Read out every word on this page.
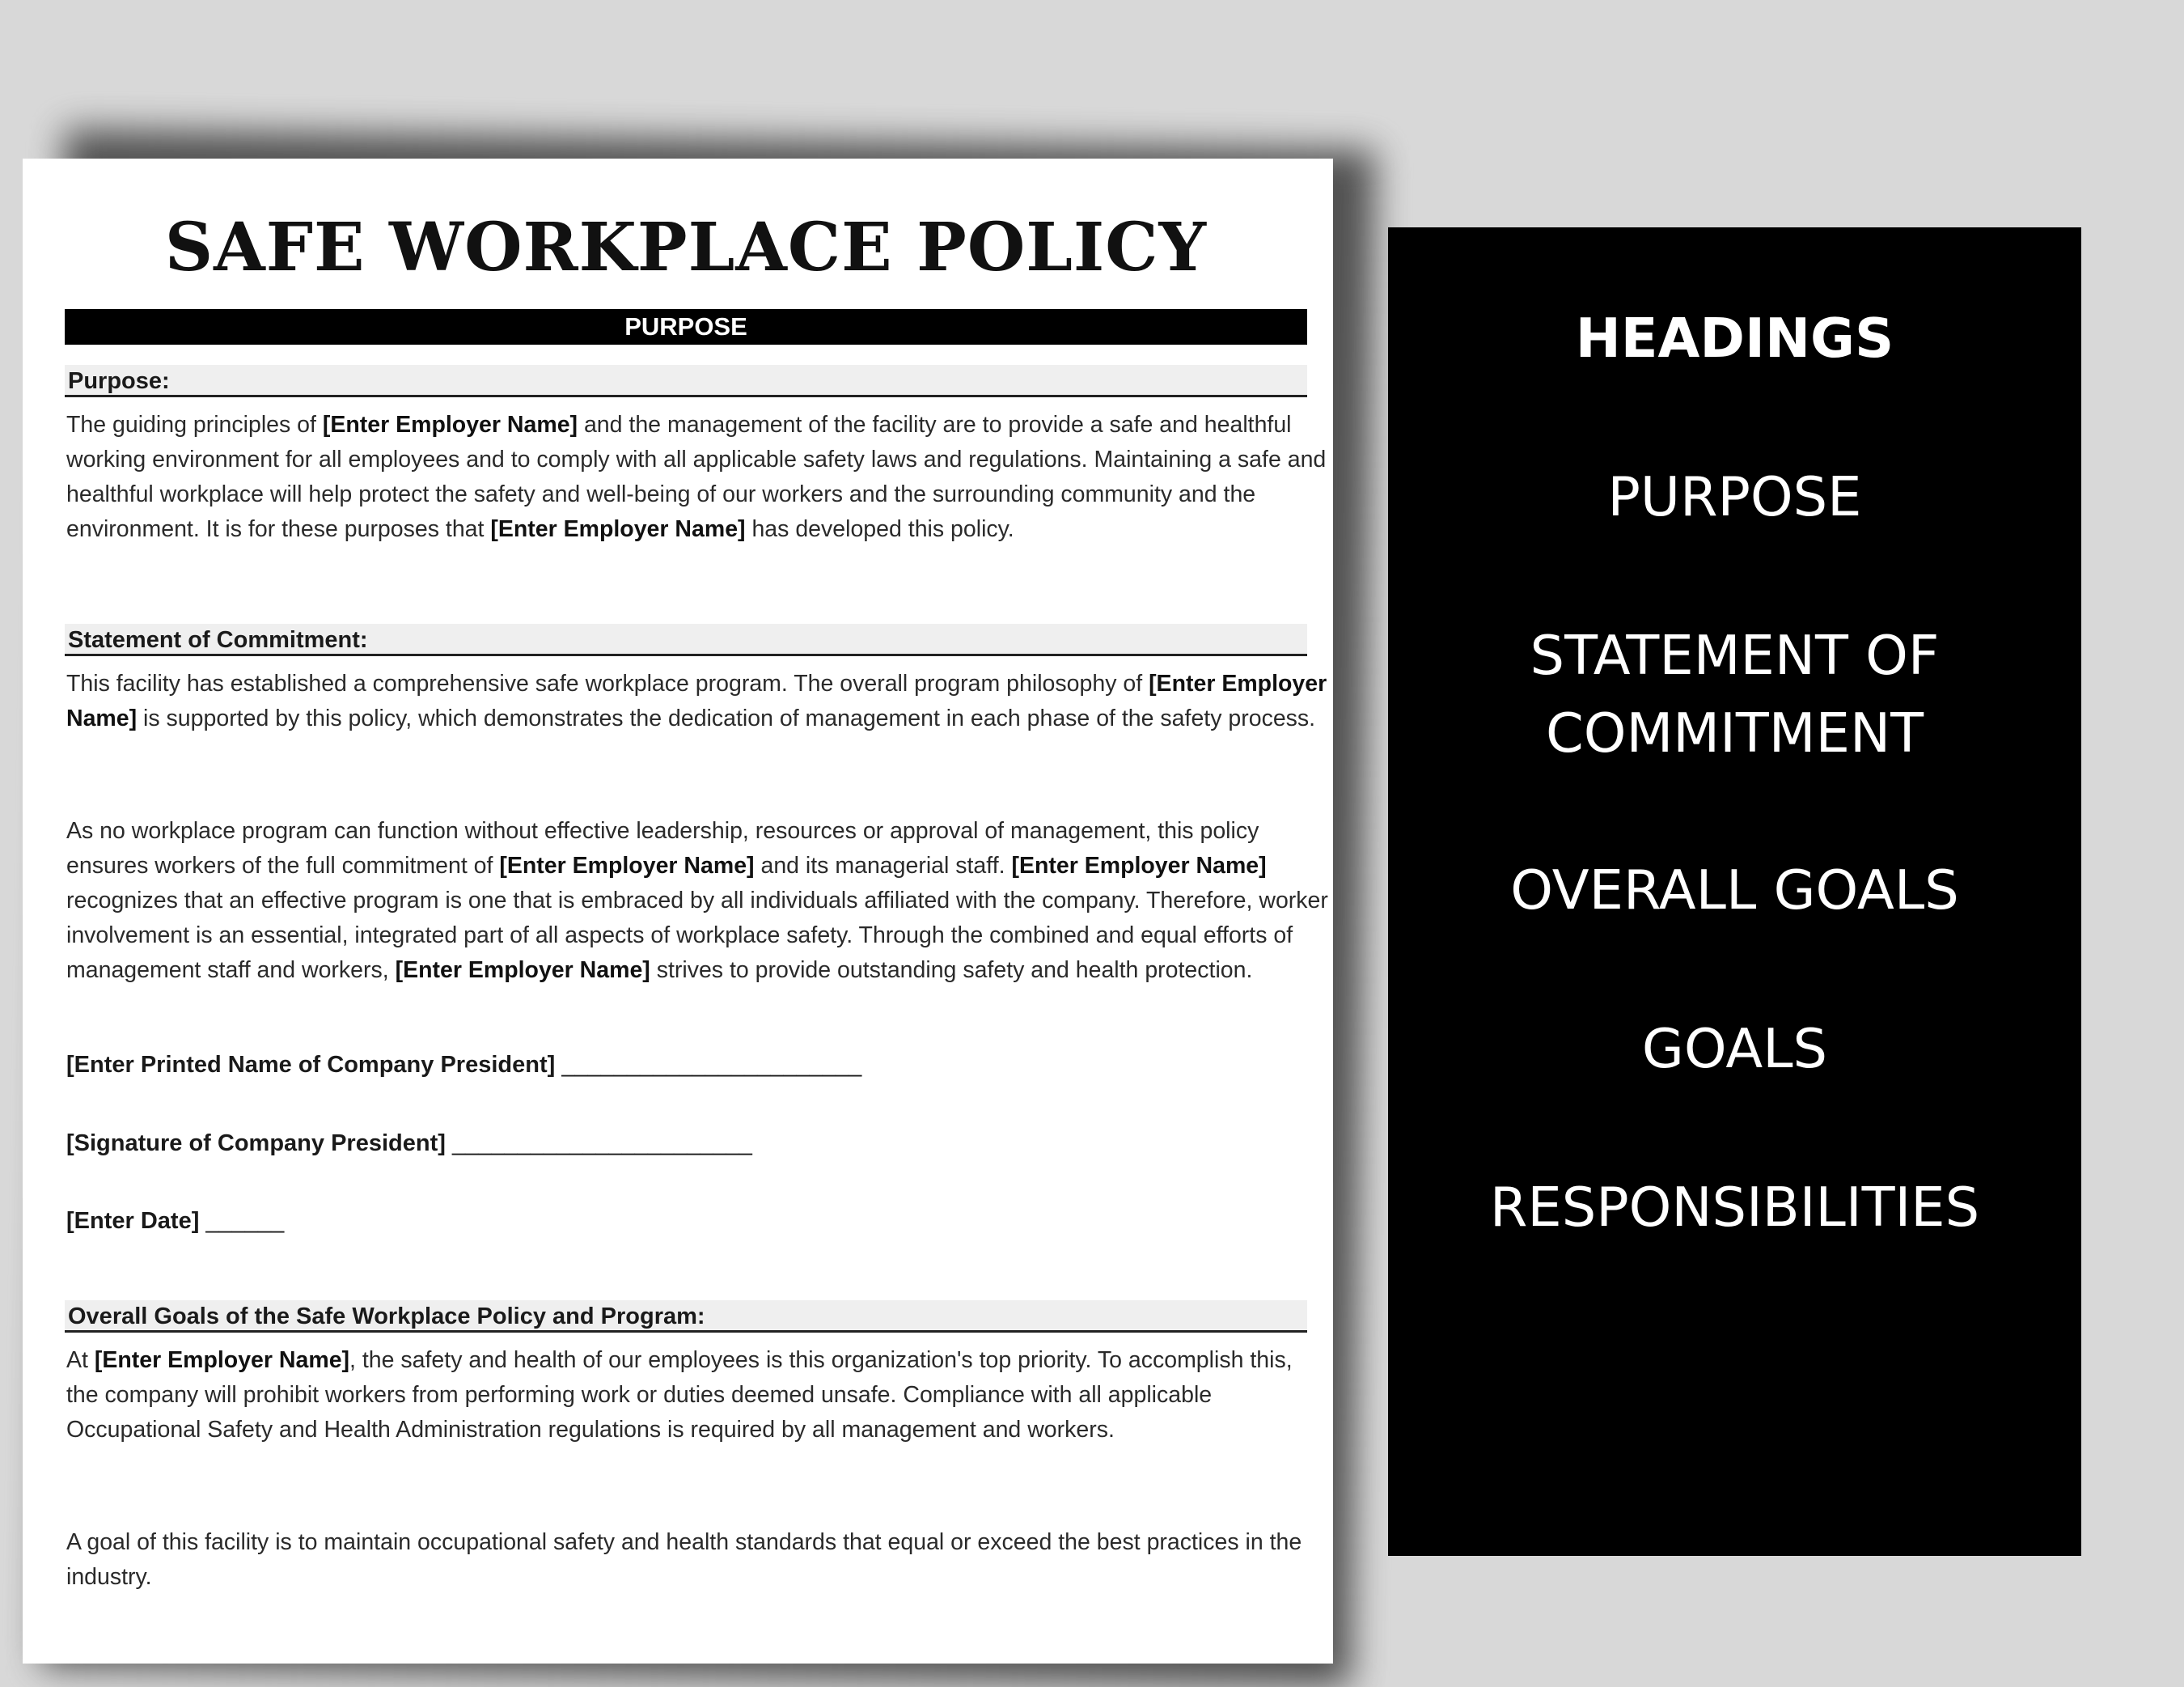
SAFE WORKPLACE POLICY
PURPOSE
Purpose:

The guiding principles of [Enter Employer Name] and the management of the facility are to provide a safe and healthful working environment for all employees and to comply with all applicable safety laws and regulations. Maintaining a safe and healthful workplace will help protect the safety and well-being of our workers and the surrounding community and the environment. It is for these purposes that [Enter Employer Name] has developed this policy.

Statement of Commitment:

This facility has established a comprehensive safe workplace program. The overall program philosophy of [Enter Employer Name] is supported by this policy, which demonstrates the dedication of management in each phase of the safety process.

As no workplace program can function without effective leadership, resources or approval of management, this policy ensures workers of the full commitment of [Enter Employer Name] and its managerial staff. [Enter Employer Name] recognizes that an effective program is one that is embraced by all individuals affiliated with the company. Therefore, worker involvement is an essential, integrated part of all aspects of workplace safety. Through the combined and equal efforts of management staff and workers, [Enter Employer Name] strives to provide outstanding safety and health protection.

[Enter Printed Name of Company President] _______________________
[Signature of Company President] _______________________
[Enter Date] ______
Overall Goals of the Safe Workplace Policy and Program:

At [Enter Employer Name], the safety and health of our employees is this organization's top priority. To accomplish this, the company will prohibit workers from performing work or duties deemed unsafe. Compliance with all applicable Occupational Safety and Health Administration regulations is required by all management and workers.

A goal of this facility is to maintain occupational safety and health standards that equal or exceed the best practices in the industry.

HEADINGS
PURPOSE
STATEMENT OF
COMMITMENT
OVERALL GOALS
GOALS
RESPONSIBILITIES
